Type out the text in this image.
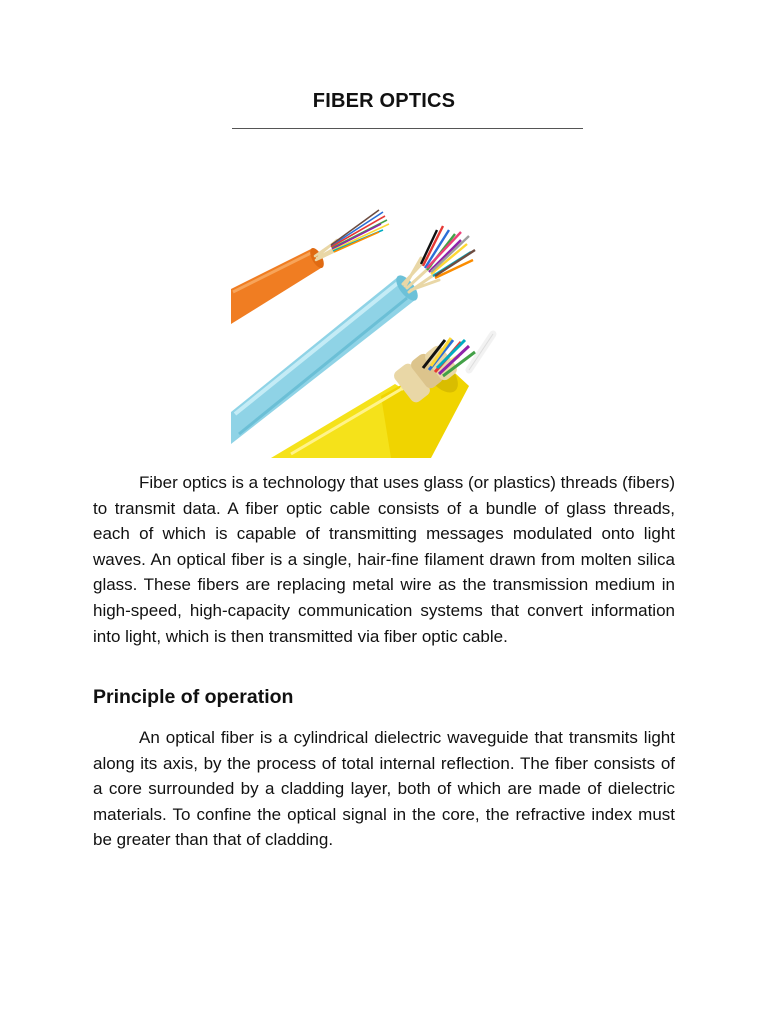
FIBER OPTICS

Fiber optics is a technology that uses glass (or plastics) threads (fibers) to transmit data. A fiber optic cable consists of a bundle of glass threads, each of which is capable of transmitting messages modulated onto light waves. An optical fiber is a single, hair-fine filament drawn from molten silica glass. These fibers are replacing metal wire as the transmission medium in high-speed, high-capacity communication systems that convert information into light, which is then transmitted via fiber optic cable.

Principle of operation

An optical fiber is a cylindrical dielectric waveguide that transmits light along its axis, by the process of total internal reflection. The fiber consists of a core surrounded by a cladding layer, both of which are made of dielectric materials. To confine the optical signal in the core, the refractive index must be greater than that of cladding.
